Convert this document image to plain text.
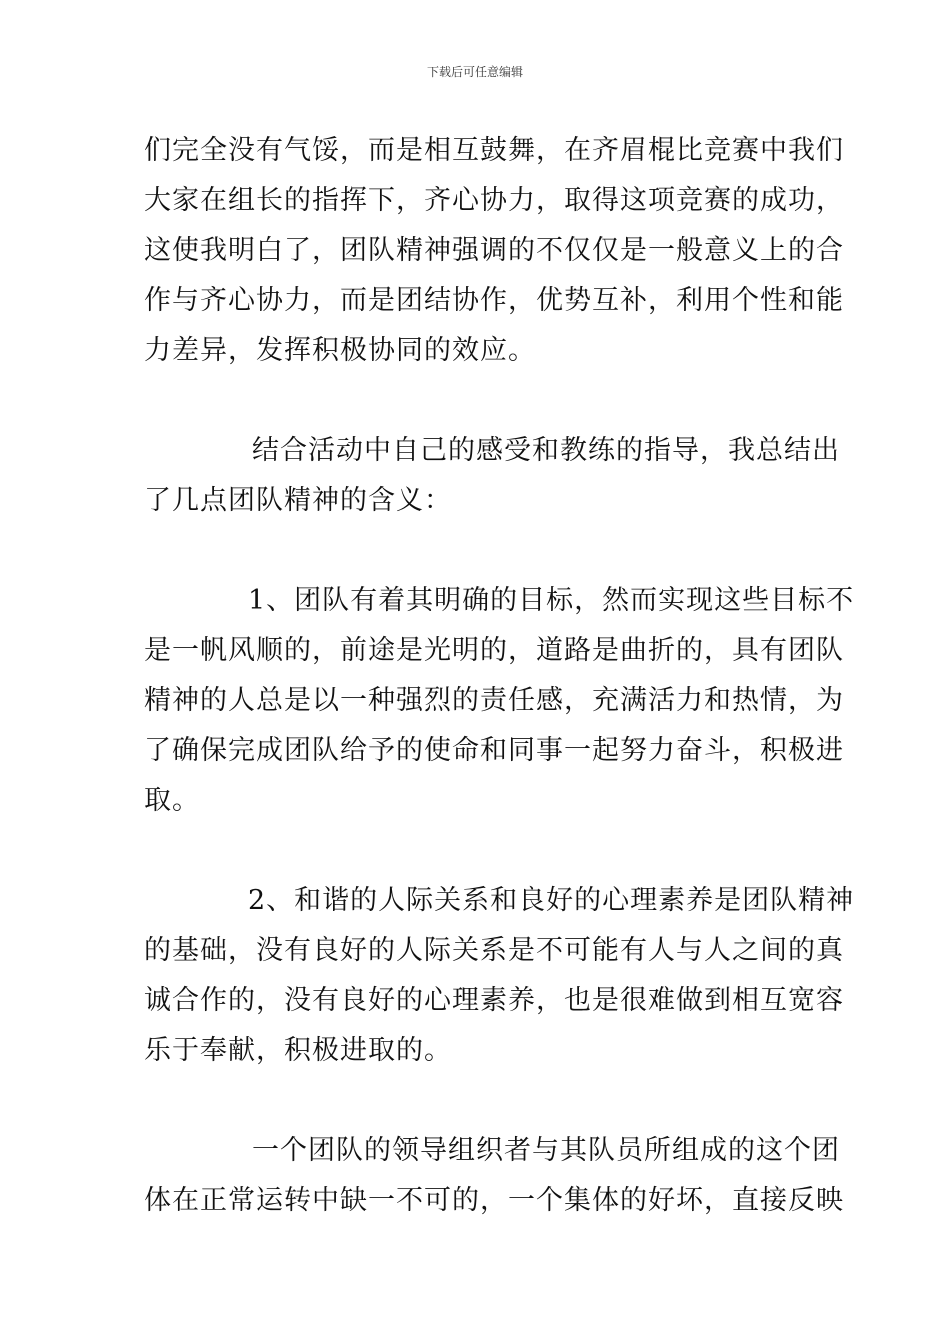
下载后可任意编辑

们完全没有气馁，而是相互鼓舞，在齐眉棍比竞赛中我们
大家在组长的指挥下，齐心协力，取得这项竞赛的成功，
这使我明白了，团队精神强调的不仅仅是一般意义上的合
作与齐心协力，而是团结协作，优势互补，利用个性和能
力差异，发挥积极协同的效应。

结合活动中自己的感受和教练的指导，我总结出
了几点团队精神的含义：

1、团队有着其明确的目标，然而实现这些目标不
是一帆风顺的，前途是光明的，道路是曲折的，具有团队
精神的人总是以一种强烈的责任感，充满活力和热情，为
了确保完成团队给予的使命和同事一起努力奋斗，积极进
取。

2、和谐的人际关系和良好的心理素养是团队精神
的基础，没有良好的人际关系是不可能有人与人之间的真
诚合作的，没有良好的心理素养，也是很难做到相互宽容
乐于奉献，积极进取的。

一个团队的领导组织者与其队员所组成的这个团
体在正常运转中缺一不可的，一个集体的好坏，直接反映
